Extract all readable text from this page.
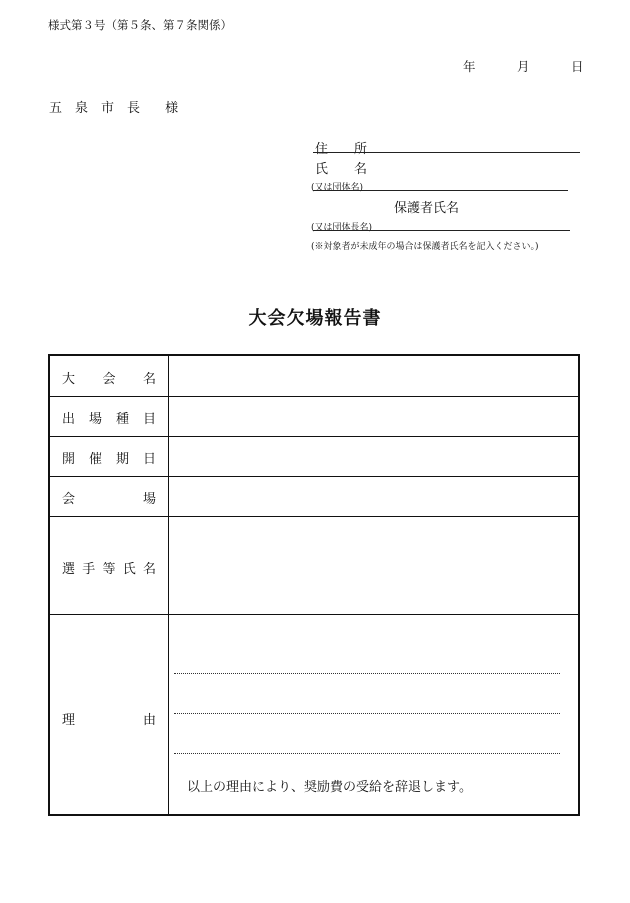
様式第３号（第５条、第７条関係）
年	月	日
五泉市長 様
住 所
氏 名
(又は団体名)
保護者氏名
(又は団体長名)
(※対象者が未成年の場合は保護者氏名を記入ください。)
大会欠場報告書
大 会 名
出 場 種 目
開 催 期 日
会	場
選 手 等 氏 名
理	由
以上の理由により、奨励費の受給を辞退します。
